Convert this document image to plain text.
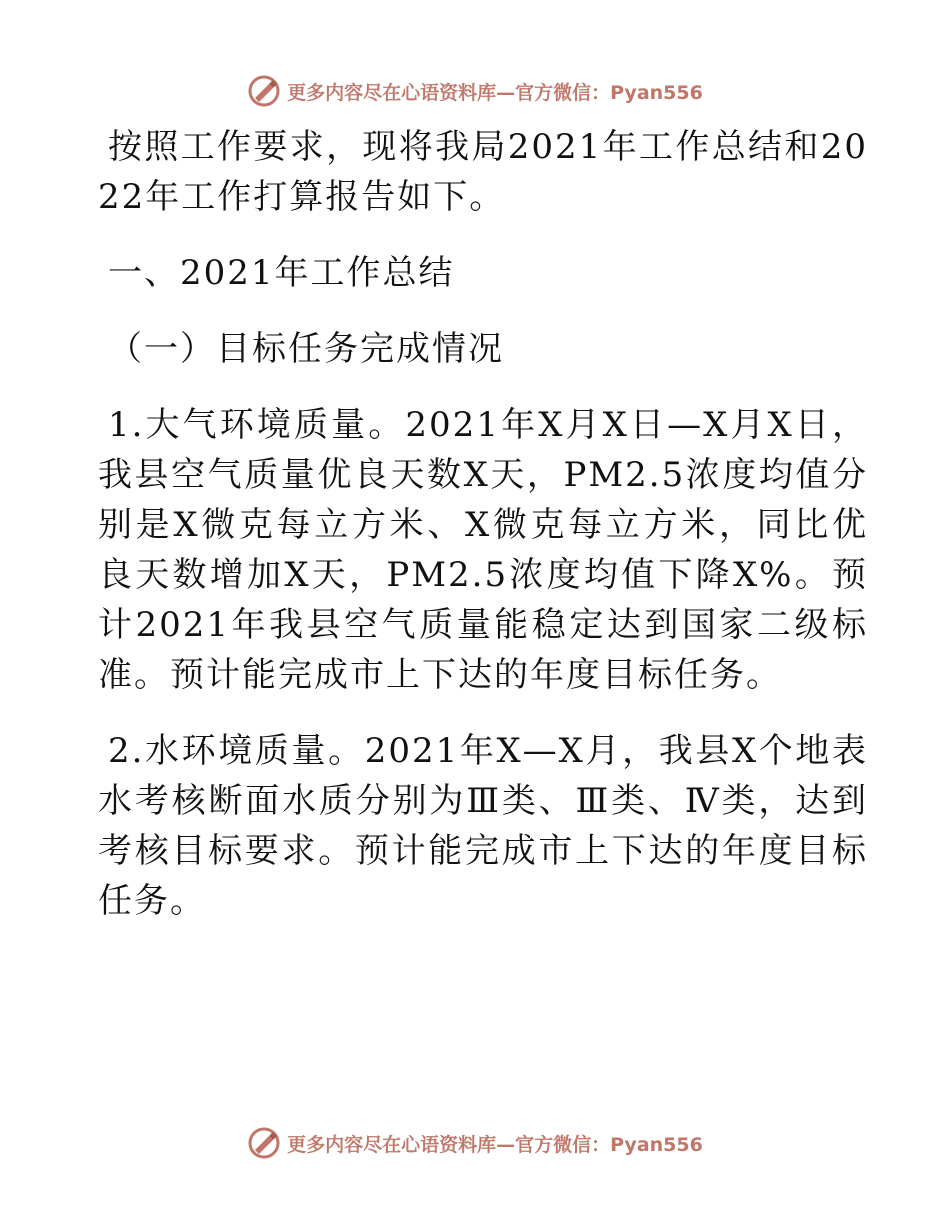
更多内容尽在心语资料库—官方微信：Pyan556

按照工作要求，现将我局2021年工作总结和2022年工作打算报告如下。

一、2021年工作总结

（一）目标任务完成情况

1.大气环境质量。2021年X月X日—X月X日，我县空气质量优良天数X天，PM2.5浓度均值分别是X微克每立方米、X微克每立方米，同比优良天数增加X天，PM2.5浓度均值下降X%。预计2021年我县空气质量能稳定达到国家二级标准。预计能完成市上下达的年度目标任务。

2.水环境质量。2021年X—X月，我县X个地表水考核断面水质分别为Ⅲ类、Ⅲ类、Ⅳ类，达到考核目标要求。预计能完成市上下达的年度目标任务。

更多内容尽在心语资料库—官方微信：Pyan556
